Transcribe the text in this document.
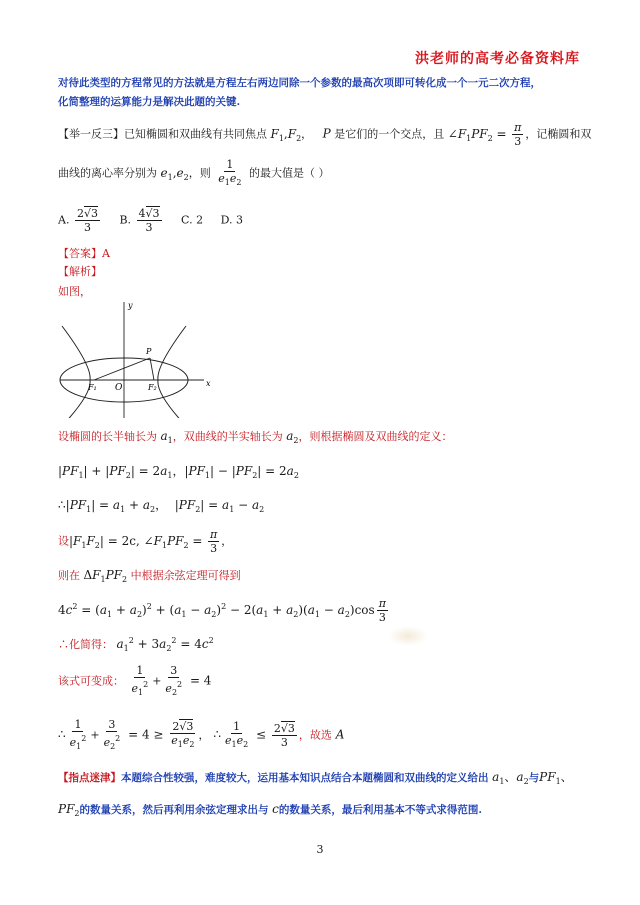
洪老师的高考必备资料库
对待此类型的方程常见的方法就是方程左右两边同除一个参数的最高次项即可转化成一个一元二次方程，
化简整理的运算能力是解决此题的关键.
【举一反三】已知椭圆和双曲线有共同焦点 $F_1,F_2$， P 是它们的一个交点，且 $\angle F_1PF_2 = \frac{\pi}{3}$ ，记椭圆和双
曲线的离心率分别为 $e_1,e_2$，则 $\frac{1}{e_1e_2}$ 的最大值是（ ）
A. $\frac{2√3}{3} B$. $\frac{4√3}{3} C$. 2 D. 3
【答案】A
【解析】
如图，
y
x
P
O
F₁	F₂
设椭圆的长半轴长为 $a_1$，双曲线的半实轴长为 $a_2$，则根据椭圆及双曲线的定义：
$|PF_1| + |PF_2| = 2a_1$，$|PF_1| - |PF_2| = 2a_2$
$\therefore|PF_1| = a_1 + a_2$，  $|PF_2| = a_1 - a_2$
设$|F_1F_2| = 2c$, $\angle F_1PF_2 = \frac{\pi}{3}$ ，
则在 $\Delta F_1PF_2$ 中根据余弦定理可得到
$4c^2 = (a_1 + a_2)^2 + (a_1 - a_2)^2 - 2(a_1 + a_2)(a_1 - a_2)\cos \frac{\pi}{3}$
∴化简得： $a_1^2 + 3a_2^2 = 4c^2$
该式可变成： $\frac{1}{e_1^2} + \frac{3}{e_2^2} = 4$
∴ $\frac{1}{e_1^2} + \frac{3}{e_2^2} = 4 \ge \frac{2√3}{e_1e_2}$ ， ∴ $\frac{1}{e_1e_2} \le \frac{2√3}{3}$ ，故选 A
【指点迷津】本题综合性较强，难度较大，运用基本知识点结合本题椭圆和双曲线的定义给出 $a_1$、$a_2$与$PF_1$、
$PF_2$的数量关系，然后再利用余弦定理求出与 c的数量关系，最后利用基本不等式求得范围.
3
